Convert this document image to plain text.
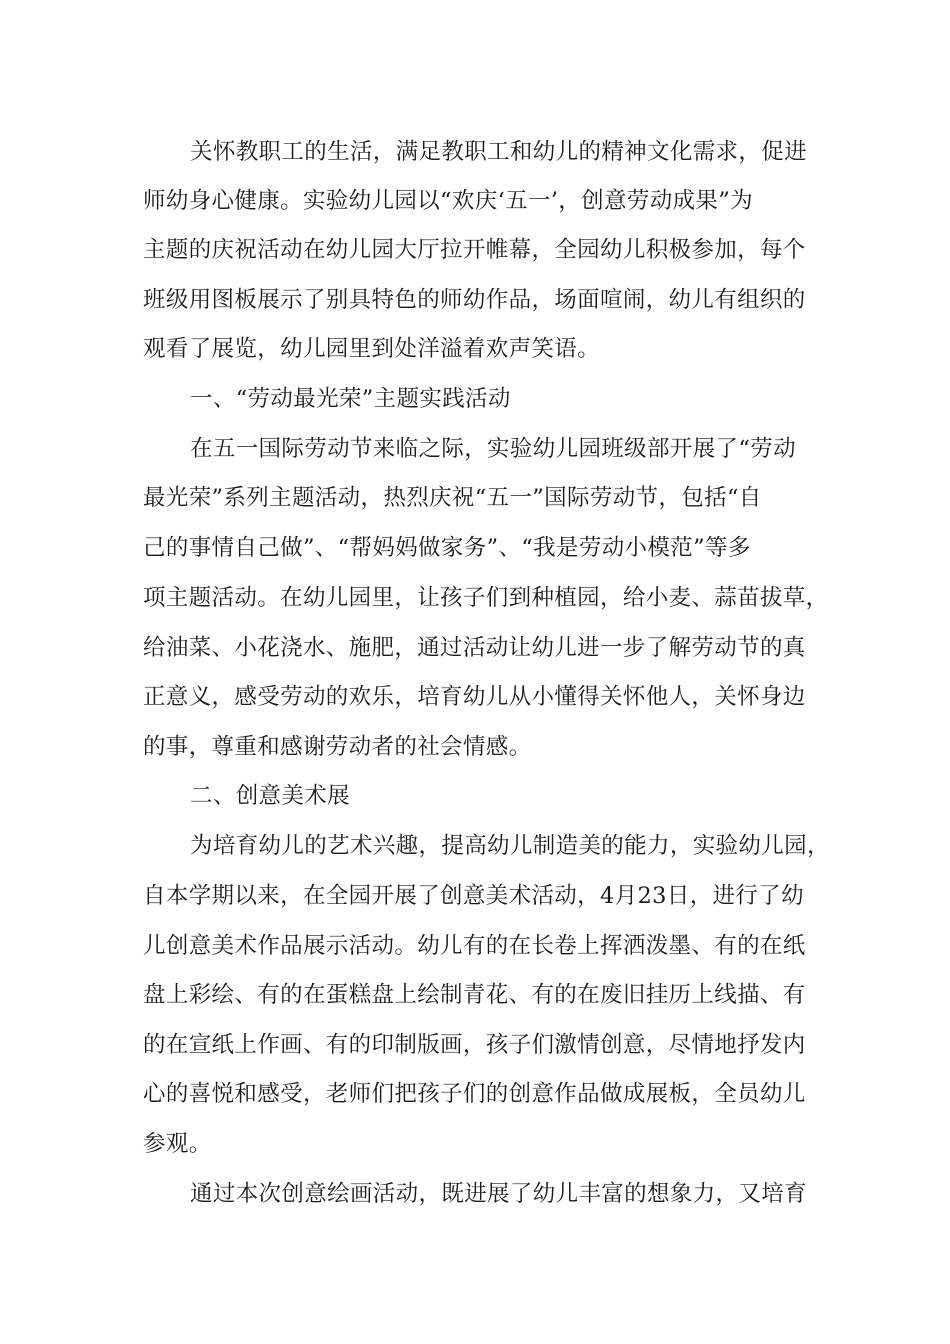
关怀教职工的生活，满足教职工和幼儿的精神文化需求，促进
师幼身心健康。实验幼儿园以“欢庆‘五一’，创意劳动成果”为
主题的庆祝活动在幼儿园大厅拉开帷幕，全园幼儿积极参加，每个
班级用图板展示了别具特色的师幼作品，场面喧闹，幼儿有组织的
观看了展览，幼儿园里到处洋溢着欢声笑语。
一、“劳动最光荣”主题实践活动
在五一国际劳动节来临之际，实验幼儿园班级部开展了“劳动
最光荣”系列主题活动，热烈庆祝“五一”国际劳动节，包括“自
己的事情自己做”、“帮妈妈做家务”、“我是劳动小模范”等多
项主题活动。在幼儿园里，让孩子们到种植园，给小麦、蒜苗拔草，
给油菜、小花浇水、施肥，通过活动让幼儿进一步了解劳动节的真
正意义，感受劳动的欢乐，培育幼儿从小懂得关怀他人，关怀身边
的事，尊重和感谢劳动者的社会情感。
二、创意美术展
为培育幼儿的艺术兴趣，提高幼儿制造美的能力，实验幼儿园，
自本学期以来，在全园开展了创意美术活动，4月23日，进行了幼
儿创意美术作品展示活动。幼儿有的在长卷上挥洒泼墨、有的在纸
盘上彩绘、有的在蛋糕盘上绘制青花、有的在废旧挂历上线描、有
的在宣纸上作画、有的印制版画，孩子们激情创意，尽情地抒发内
心的喜悦和感受，老师们把孩子们的创意作品做成展板，全员幼儿
参观。
通过本次创意绘画活动，既进展了幼儿丰富的想象力，又培育
